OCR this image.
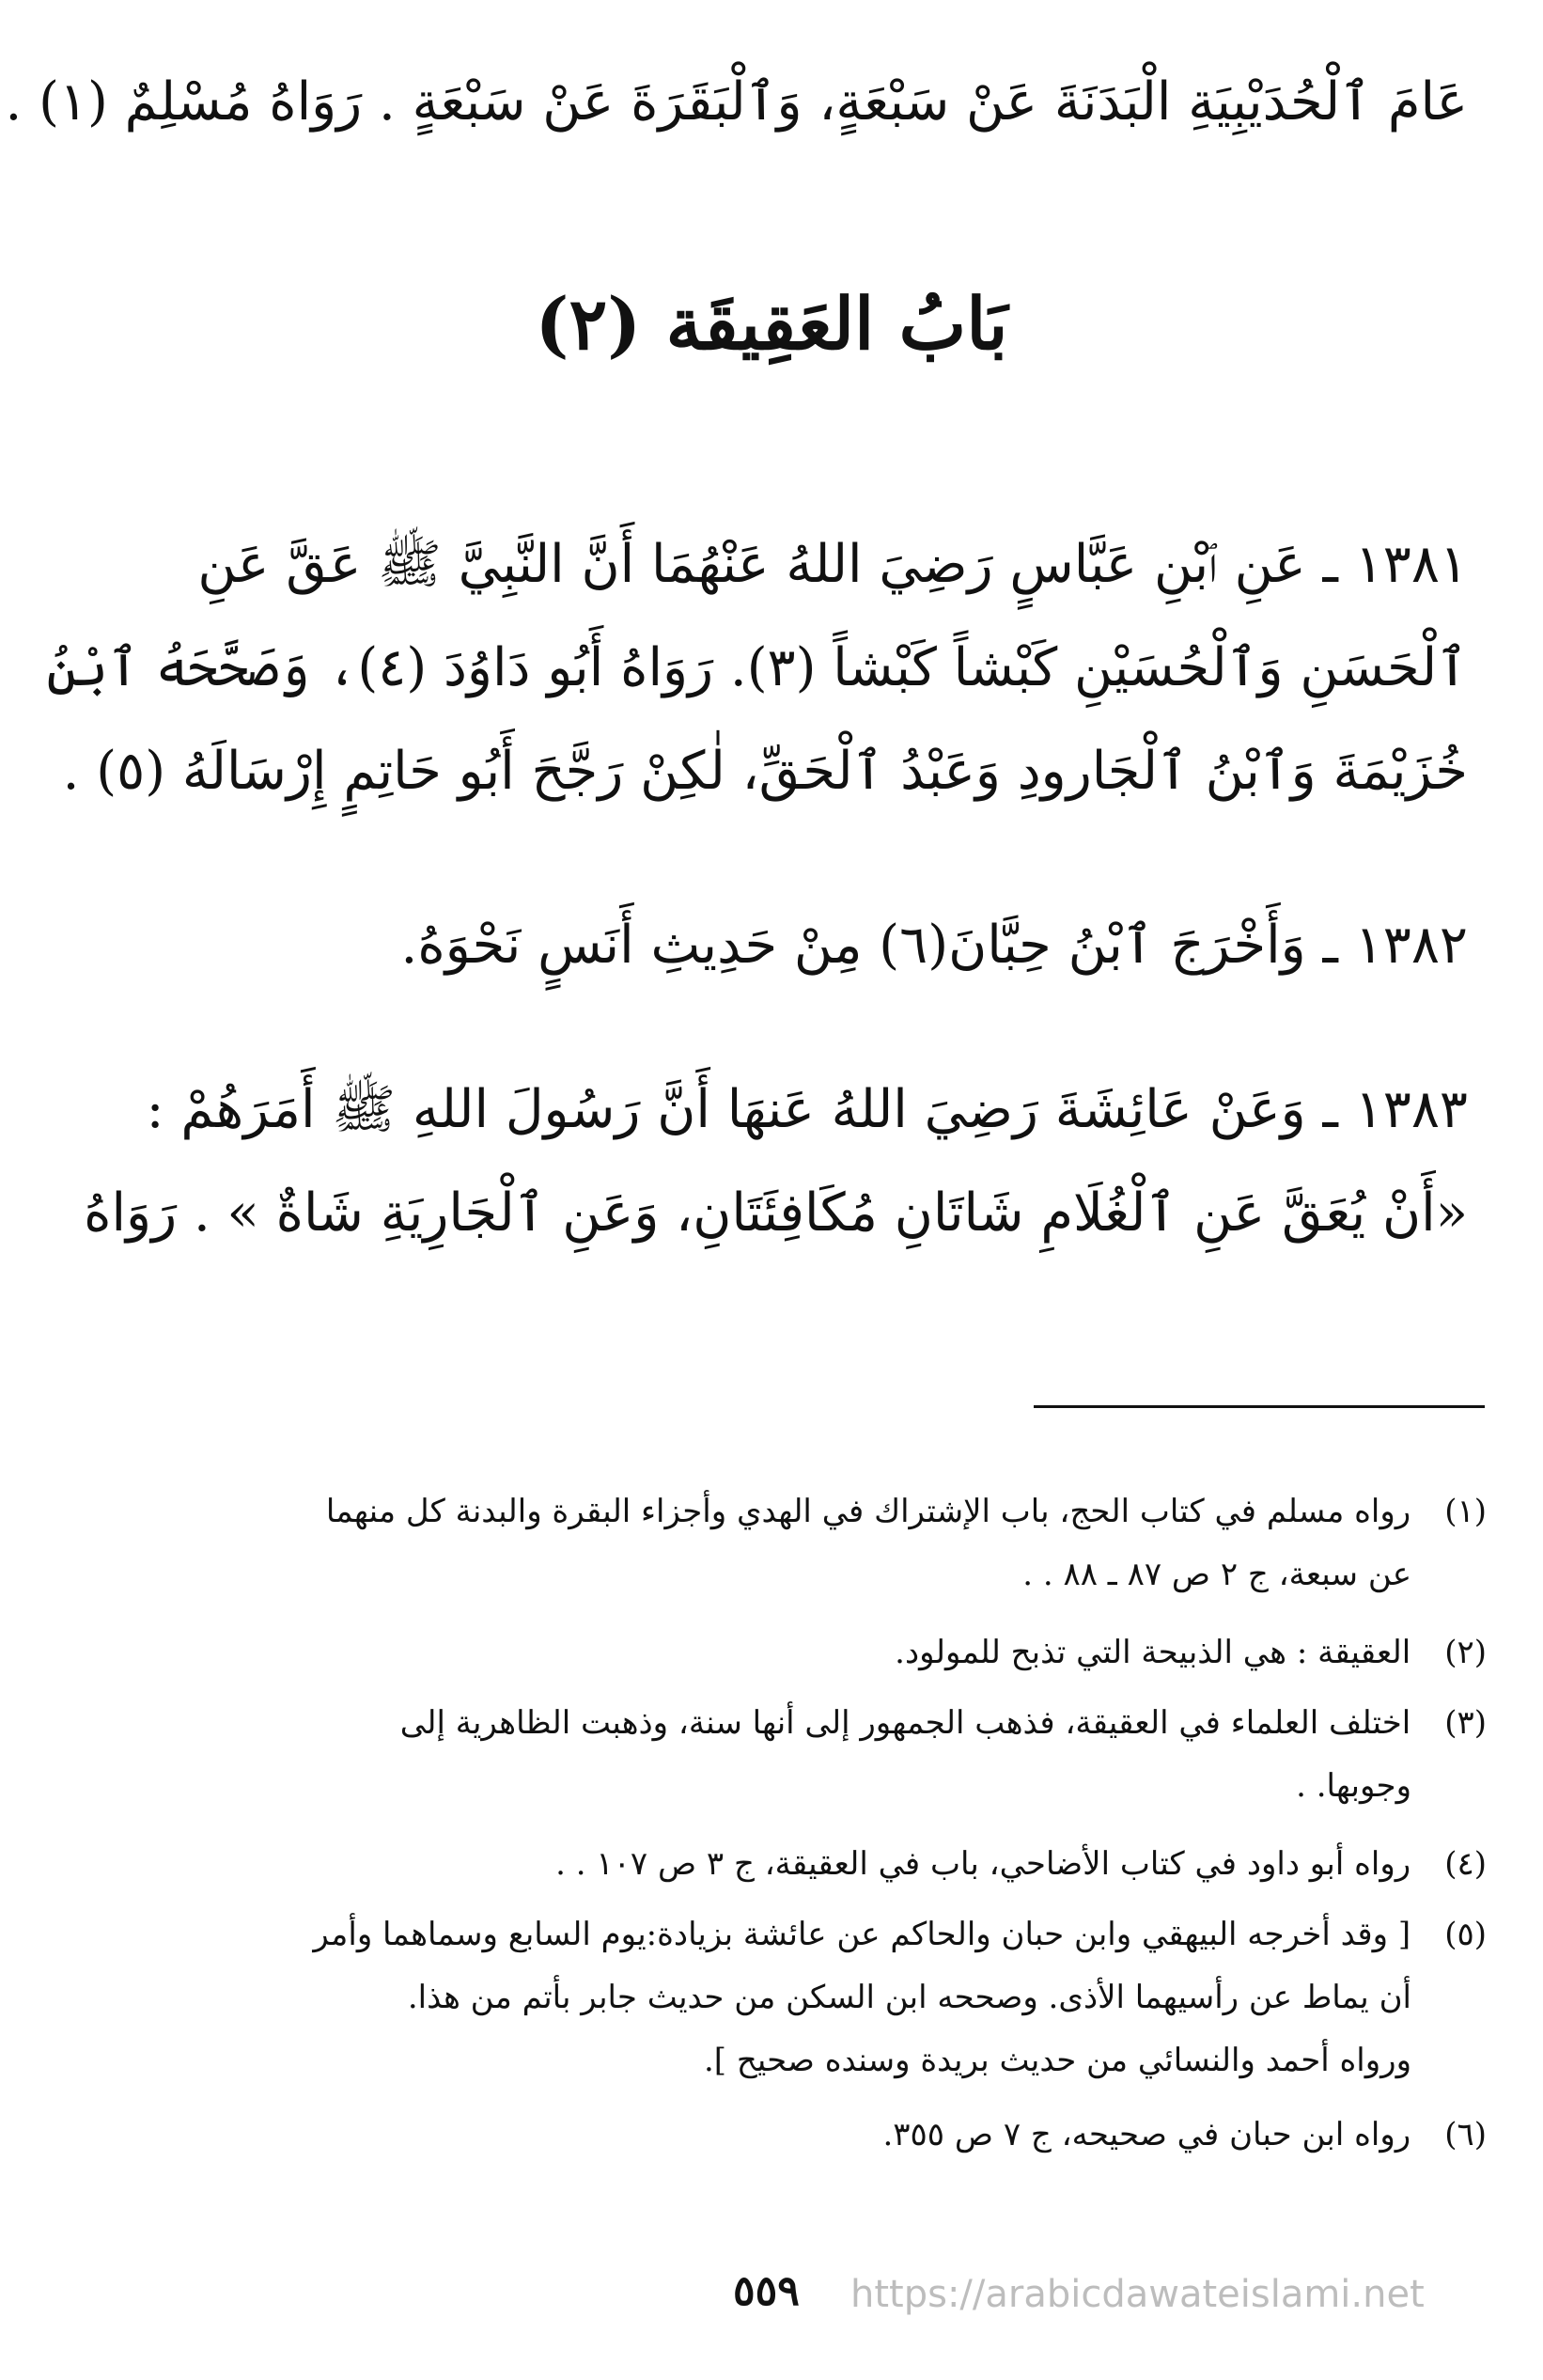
عَامَ ٱلْحُدَيْبِيَةِ الْبَدَنَةَ عَنْ سَبْعَةٍ، وَٱلْبَقَرَةَ عَنْ سَبْعَةٍ . رَوَاهُ مُسْلِمٌ (١) .
بَابُ العَقِيقَة (٢)
١٣٨١ ـ عَنِ ٱبْنِ عَبَّاسٍ رَضِيَ اللهُ عَنْهُمَا أَنَّ النَّبِيَّ ﷺ عَقَّ عَنِ
ٱلْحَسَنِ وَٱلْحُسَيْنِ كَبْشاً كَبْشاً (٣). رَوَاهُ أَبُو دَاوُدَ (٤)، وَصَحَّحَهُ ٱبْنُ
خُزَيْمَةَ وَٱبْنُ ٱلْجَارودِ وَعَبْدُ ٱلْحَقِّ، لٰكِنْ رَجَّحَ أَبُو حَاتِمٍ إِرْسَالَهُ (٥) .
١٣٨٢ ـ وَأَخْرَجَ ٱبْنُ حِبَّانَ(٦) مِنْ حَدِيثِ أَنَسٍ نَحْوَهُ.
١٣٨٣ ـ وَعَنْ عَائِشَةَ رَضِيَ اللهُ عَنهَا أَنَّ رَسُولَ اللهِ ﷺ أَمَرَهُمْ :
«أَنْ يُعَقَّ عَنِ ٱلْغُلَامِ شَاتَانِ مُكَافِئَتَانِ، وَعَنِ ٱلْجَارِيَةِ شَاةٌ » . رَوَاهُ
(١) رواه مسلم في كتاب الحج، باب الإشتراك في الهدي وأجزاء البقرة والبدنة كل منهما
عن سبعة، ج ٢ ص ٨٧ ـ ٨٨ . .
(٢) العقيقة : هي الذبيحة التي تذبح للمولود.
(٣) اختلف العلماء في العقيقة، فذهب الجمهور إلى أنها سنة، وذهبت الظاهرية إلى
وجوبها. .
(٤) رواه أبو داود في كتاب الأضاحي، باب في العقيقة، ج ٣ ص ١٠٧ . .
(٥) [ وقد أخرجه البيهقي وابن حبان والحاكم عن عائشة بزيادة:يوم السابع وسماهما وأمر
أن يماط عن رأسيهما الأذى. وصححه ابن السكن من حديث جابر بأتم من هذا.
ورواه أحمد والنسائي من حديث بريدة وسنده صحيح ].
(٦) رواه ابن حبان في صحيحه، ج ٧ ص ٣٥٥.
٥٥٩ https://arabicdawateislami.net
